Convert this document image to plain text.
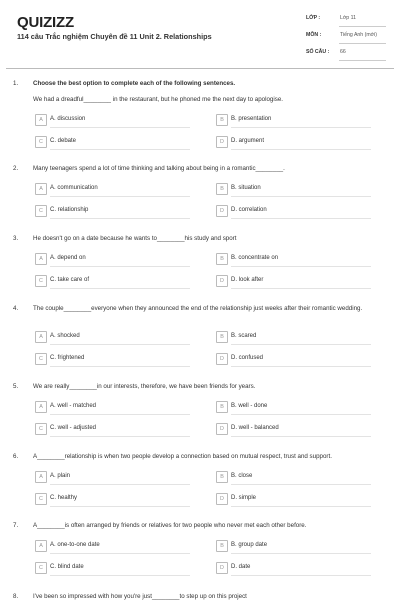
QUIZIZZ
114 câu Trắc nghiệm Chuyên đề 11 Unit 2. Relationships
LỚP :	Lớp 11
MÔN :	Tiếng Anh (mới)
SỐ CÂU : 66
1. Choose the best option to complete each of the following sentences.
We had a dreadful________ in the restaurant, but he phoned me the next day to apologise.
A	A. discussion	B	B. presentation
C	C. debate	D	D. argument
2. Many teenagers spend a lot of time thinking and talking about being in a romantic________.
A	A. communication	B	B. situation
C	C. relationship	D	D. correlation
3. He doesn't go on a date because he wants to________his study and sport
A	A. depend on	B	B. concentrate on
C	C. take care of	D	D. look after
4. The couple________everyone when they announced the end of the relationship just weeks after their romantic wedding.
A	A. shocked	B	B. scared
C	C. frightened	D	D. confused
5. We are really________in our interests, therefore, we have been friends for years.
A	A. well - matched	B	B. well - done
C	C. well - adjusted	D	D. well - balanced
6. A________relationship is when two people develop a connection based on mutual respect, trust and support.
A	A. plain	B	B. close
C	C. healthy	D	D. simple
7. A________is often arranged by friends or relatives for two people who never met each other before.
A	A. one-to-one date	B	B. group date
C	C. blind date	D	D. date
8. I've been so impressed with how you're just________to step up on this project
